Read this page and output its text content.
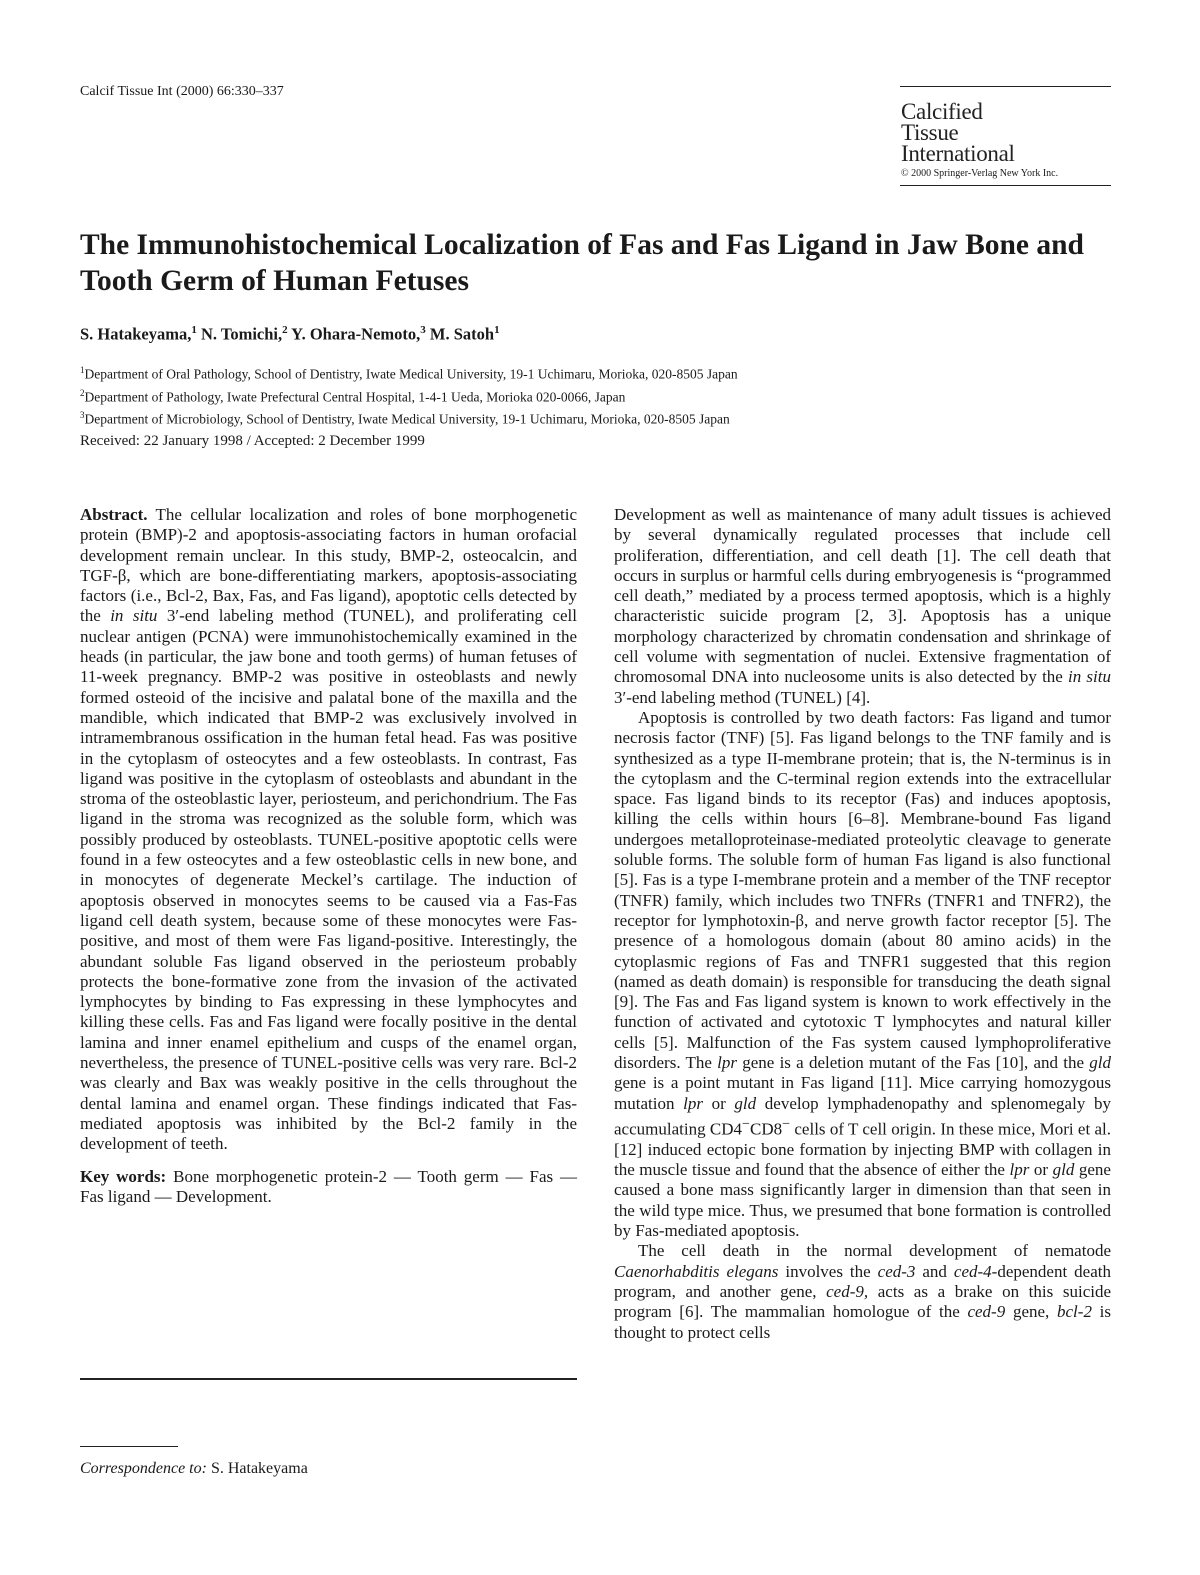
Calcif Tissue Int (2000) 66:330–337
Calcified
Tissue
International
© 2000 Springer-Verlag New York Inc.
The Immunohistochemical Localization of Fas and Fas Ligand in Jaw Bone and Tooth Germ of Human Fetuses
S. Hatakeyama,$^1$ N. Tomichi,$^2$ Y. Ohara-Nemoto,$^3$ M. Satoh$^1$
$^1$Department of Oral Pathology, School of Dentistry, Iwate Medical University, 19-1 Uchimaru, Morioka, 020-8505 Japan
$^2$Department of Pathology, Iwate Prefectural Central Hospital, 1-4-1 Ueda, Morioka 020-0066, Japan
$^3$Department of Microbiology, School of Dentistry, Iwate Medical University, 19-1 Uchimaru, Morioka, 020-8505 Japan
Received: 22 January 1998 / Accepted: 2 December 1999

Abstract. The cellular localization and roles of bone morphogenetic protein (BMP)-2 and apoptosis-associating factors in human orofacial development remain unclear. In this study, BMP-2, osteocalcin, and TGF-β, which are bone-differentiating markers, apoptosis-associating factors (i.e., Bcl-2, Bax, Fas, and Fas ligand), apoptotic cells detected by the in situ 3′-end labeling method (TUNEL), and proliferating cell nuclear antigen (PCNA) were immunohistochemically examined in the heads (in particular, the jaw bone and tooth germs) of human fetuses of 11-week pregnancy. BMP-2 was positive in osteoblasts and newly formed osteoid of the incisive and palatal bone of the maxilla and the mandible, which indicated that BMP-2 was exclusively involved in intramembranous ossification in the human fetal head. Fas was positive in the cytoplasm of osteocytes and a few osteoblasts. In contrast, Fas ligand was positive in the cytoplasm of osteoblasts and abundant in the stroma of the osteoblastic layer, periosteum, and perichondrium. The Fas ligand in the stroma was recognized as the soluble form, which was possibly produced by osteoblasts. TUNEL-positive apoptotic cells were found in a few osteocytes and a few osteoblastic cells in new bone, and in monocytes of degenerate Meckel’s cartilage. The induction of apoptosis observed in monocytes seems to be caused via a Fas-Fas ligand cell death system, because some of these monocytes were Fas-positive, and most of them were Fas ligand-positive. Interestingly, the abundant soluble Fas ligand observed in the periosteum probably protects the bone-formative zone from the invasion of the activated lymphocytes by binding to Fas expressing in these lymphocytes and killing these cells. Fas and Fas ligand were focally positive in the dental lamina and inner enamel epithelium and cusps of the enamel organ, nevertheless, the presence of TUNEL-positive cells was very rare. Bcl-2 was clearly and Bax was weakly positive in the cells throughout the dental lamina and enamel organ. These findings indicated that Fas-mediated apoptosis was inhibited by the Bcl-2 family in the development of teeth.

Key words: Bone morphogenetic protein-2 — Tooth germ — Fas — Fas ligand — Development.

Correspondence to: S. Hatakeyama

Development as well as maintenance of many adult tissues is achieved by several dynamically regulated processes that include cell proliferation, differentiation, and cell death [1]. The cell death that occurs in surplus or harmful cells during embryogenesis is “programmed cell death,” mediated by a process termed apoptosis, which is a highly characteristic suicide program [2, 3]. Apoptosis has a unique morphology characterized by chromatin condensation and shrinkage of cell volume with segmentation of nuclei. Extensive fragmentation of chromosomal DNA into nucleosome units is also detected by the in situ 3′-end labeling method (TUNEL) [4].

Apoptosis is controlled by two death factors: Fas ligand and tumor necrosis factor (TNF) [5]. Fas ligand belongs to the TNF family and is synthesized as a type II-membrane protein; that is, the N-terminus is in the cytoplasm and the C-terminal region extends into the extracellular space. Fas ligand binds to its receptor (Fas) and induces apoptosis, killing the cells within hours [6–8]. Membrane-bound Fas ligand undergoes metalloproteinase-mediated proteolytic cleavage to generate soluble forms. The soluble form of human Fas ligand is also functional [5]. Fas is a type I-membrane protein and a member of the TNF receptor (TNFR) family, which includes two TNFRs (TNFR1 and TNFR2), the receptor for lymphotoxin-β, and nerve growth factor receptor [5]. The presence of a homologous domain (about 80 amino acids) in the cytoplasmic regions of Fas and TNFR1 suggested that this region (named as death domain) is responsible for transducing the death signal [9]. The Fas and Fas ligand system is known to work effectively in the function of activated and cytotoxic T lymphocytes and natural killer cells [5]. Malfunction of the Fas system caused lymphoproliferative disorders. The lpr gene is a deletion mutant of the Fas [10], and the gld gene is a point mutant in Fas ligand [11]. Mice carrying homozygous mutation lpr or gld develop lymphadenopathy and splenomegaly by accumulating CD4−CD8− cells of T cell origin. In these mice, Mori et al. [12] induced ectopic bone formation by injecting BMP with collagen in the muscle tissue and found that the absence of either the lpr or gld gene caused a bone mass significantly larger in dimension than that seen in the wild type mice. Thus, we presumed that bone formation is controlled by Fas-mediated apoptosis.

The cell death in the normal development of nematode Caenorhabditis elegans involves the ced-3 and ced-4-dependent death program, and another gene, ced-9, acts as a brake on this suicide program [6]. The mammalian homologue of the ced-9 gene, bcl-2 is thought to protect cells
